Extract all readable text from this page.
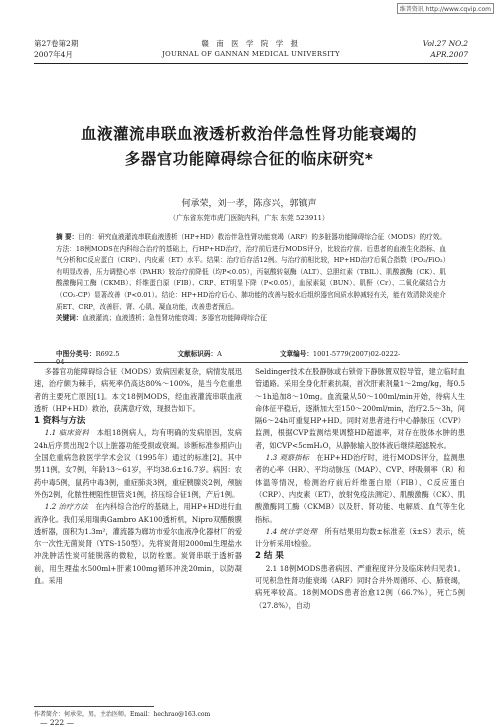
维普资讯 http://www.cqvip.com
第27卷第2期
2007年4月
赣 南 医 学 院 学 报
JOURNAL OF GANNAN MEDICAL UNIVERSITY
Vol.27 NO.2
APR.2007
血液灌流串联血液透析救治伴急性肾功能衰竭的
多器官功能障碍综合征的临床研究*
何承荣，刘一孝，陈彦兴，郭镇声
（广东省东莞市虎门医院内科，广东 东莞 523911）
摘 要：目的：研究血液灌流串联血液透析（HP+HD）救治伴急性肾功能衰竭（ARF）的多脏器功能障碍综合征（MODS）的疗效。方法：18例MODS在内科综合治疗的基础上，行HP+HD治疗，治疗前后进行MODS评分，比较治疗前、后患者的血液生化指标、血气分析和C反应蛋白（CRP）、内皮素（ET）水平。结果：治疗后存活12例。与治疗前相比较，HP+HD治疗后氧合指数（PO₂/FiO₂）有明显改善，压力调整心率（PAHR）较治疗前降低（均P<0.05），丙氨酸转氨酶（ALT）、总胆红素（TBIL）、肌酸激酶（CK）、肌酸激酶同工酶（CKMB）、纤维蛋白原（FIB）、CRP、ET明显下降（P<0.05），血尿素氮（BUN）、肌酐（Cr）、二氧化碳结合力（CO₂-CP）显著改善（P<0.01）。结论：HP+HD治疗后心、肺功能的改善与脱水后组织器官间质水肿减轻有关，能有效清除炎症介质ET、CRP，改善肝、肾、心肌、凝血功能，改善患者预后。
关键词：血液灌流；血液透析；急性肾功能衰竭；多器官功能障碍综合征
中图分类号：R692.5	文献标识码：A	文章编号：1001-5779(2007)02-0222-04

多器官功能障碍综合征（MODS）致病因素复杂，病情发展迅速，治疗颇为棘手，病死率仍高达80%～100%，是当今危重患者的主要死亡原因[1]。本文18例MODS，经血液灌流串联血液透析（HP+HD）救治，获满意疗效，现报告如下。

1 资料与方法

1.1 临床资料　 本组18例病人，均有明确的发病原因，发病24h后序贯出现2个以上脏器功能受损或衰竭。诊断标准参照庐山全国危重病急救医学学术会议（1995年）通过的标准[2]。其中男11例，女7例，年龄13～61岁，平均38.6±16.7岁。病因：农药中毒5例，鼠药中毒3例，重症肺炎3例，重症胰腺炎2例，颅脑外伤2例，化脓性梗阻性胆管炎1例，挤压综合征1例，产后1例。

1.2 治疗方法　 在内科综合治疗的基础上，用HP+HD进行血液净化。我们采用瑞典Gambro AK100透析机，Nipro双醋酸膜透析器，面积为1.3m²，灌流器为廊坊市爱尔血液净化器材厂的爱尔一次性无菌炭肾（YTS-150型）。先将炭肾用2000ml生理盐水冲洗肿活性炭可能脱落的微粒，以防栓塞。炭肾串联于透析器前，用生理盐水500ml+肝素100mg循环冲洗20min，以防凝血。采用

Seldinger技术在股静脉或右锁骨下静脉置双腔导管，建立临时血管通路。采用全身化肝素抗凝，首次肝素剂量1～2mg/kg，每0.5～1h追加8～10mg。血流量从50～100ml/min开始，待病人生命体征平稳后，逐渐加大至150～200ml/min，治疗2.5～3h，间隔6～24h可重复HP+HD。同时对患者进行中心静脉压（CVP）监测，根据CVP监测结果调整HD超滤率，对存在肢体水肿的患者，如CVP<5cmH₂O，从静脉输入胶体液后继续超滤脱水。

1.3 观察指标　 在HP+HD治疗时，进行MODS评分，监测患者的心率（HR）、平均动脉压（MAP）、CVP、呼吸频率（R）和体温等情况，检测治疗前后纤维蛋白原（FIB）、C反应蛋白（CRP）、内皮素（ET），放射免疫法测定）、肌酸激酶（CK）、肌酸激酶同工酶（CKMB）以及肝、肾功能、电解质、血气等生化指标。

1.4 统计学处理　 所有结果用均数±标准差（x̄±S）表示，统计分析采用t检验。

2 结 果

2.1 18例MODS患者病因、严重程度评分及临床转归见表1。可见积急性肾功能衰竭（ARF）同时合并外周循环、心、肺衰竭，病死率较高。18例MODS患者治愈12例（66.7%），死亡5例（27.8%），自动

作者简介：何承荣，男，主治医师。Email：hechrao@163.com
— 222 —
